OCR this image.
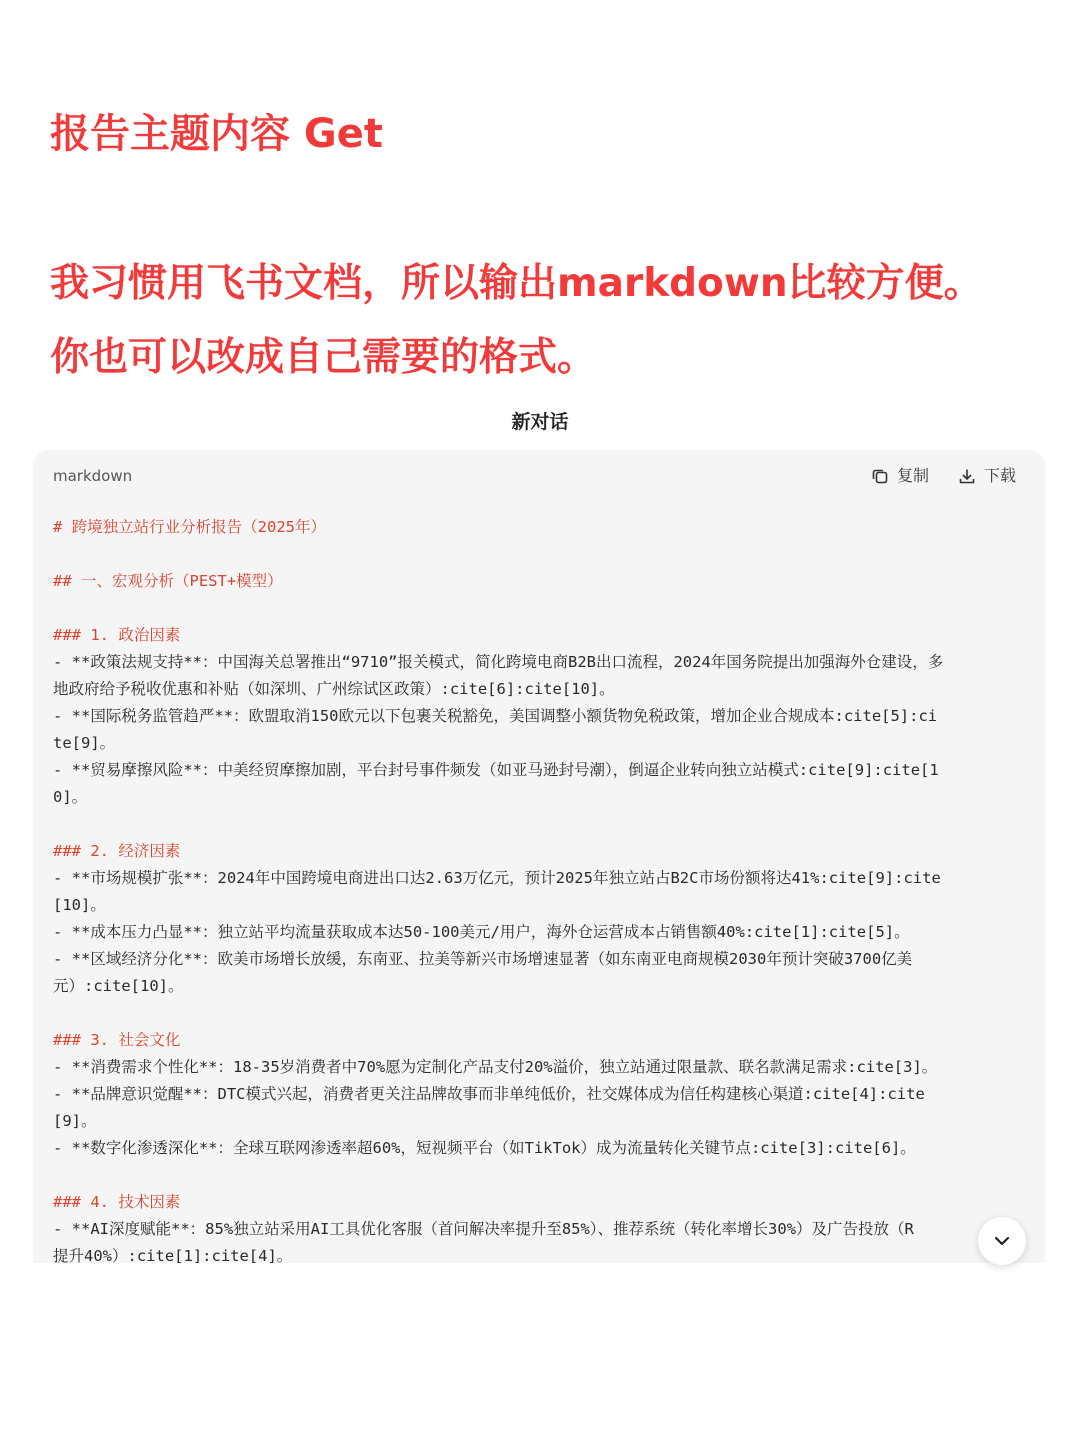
报告主题内容 Get

我习惯用飞书文档，所以输出markdown比较方便。

你也可以改成自己需要的格式。

新对话
markdown	复制	下载
# 跨境独立站行业分析报告（2025年）
## 一、宏观分析（PEST+模型）
### 1. 政治因素
- **政策法规支持**：中国海关总署推出“9710”报关模式，简化跨境电商B2B出口流程，2024年国务院提出加强海外仓建设，多
地政府给予税收优惠和补贴（如深圳、广州综试区政策）:cite[6]:cite[10]。
- **国际税务监管趋严**：欧盟取消150欧元以下包裹关税豁免，美国调整小额货物免税政策，增加企业合规成本:cite[5]:ci
te[9]。
- **贸易摩擦风险**：中美经贸摩擦加剧，平台封号事件频发（如亚马逊封号潮），倒逼企业转向独立站模式:cite[9]:cite[1
0]。
### 2. 经济因素
- **市场规模扩张**：2024年中国跨境电商进出口达2.63万亿元，预计2025年独立站占B2C市场份额将达41%:cite[9]:cite
[10]。
- **成本压力凸显**：独立站平均流量获取成本达50-100美元/用户，海外仓运营成本占销售额40%:cite[1]:cite[5]。
- **区域经济分化**：欧美市场增长放缓，东南亚、拉美等新兴市场增速显著（如东南亚电商规模2030年预计突破3700亿美
元）:cite[10]。
### 3. 社会文化
- **消费需求个性化**：18-35岁消费者中70%愿为定制化产品支付20%溢价，独立站通过限量款、联名款满足需求:cite[3]。
- **品牌意识觉醒**：DTC模式兴起，消费者更关注品牌故事而非单纯低价，社交媒体成为信任构建核心渠道:cite[4]:cite
[9]。
- **数字化渗透深化**：全球互联网渗透率超60%，短视频平台（如TikTok）成为流量转化关键节点:cite[3]:cite[6]。
### 4. 技术因素
- **AI深度赋能**：85%独立站采用AI工具优化客服（首问解决率提升至85%）、推荐系统（转化率增长30%）及广告投放（R
提升40%）:cite[1]:cite[4]。
